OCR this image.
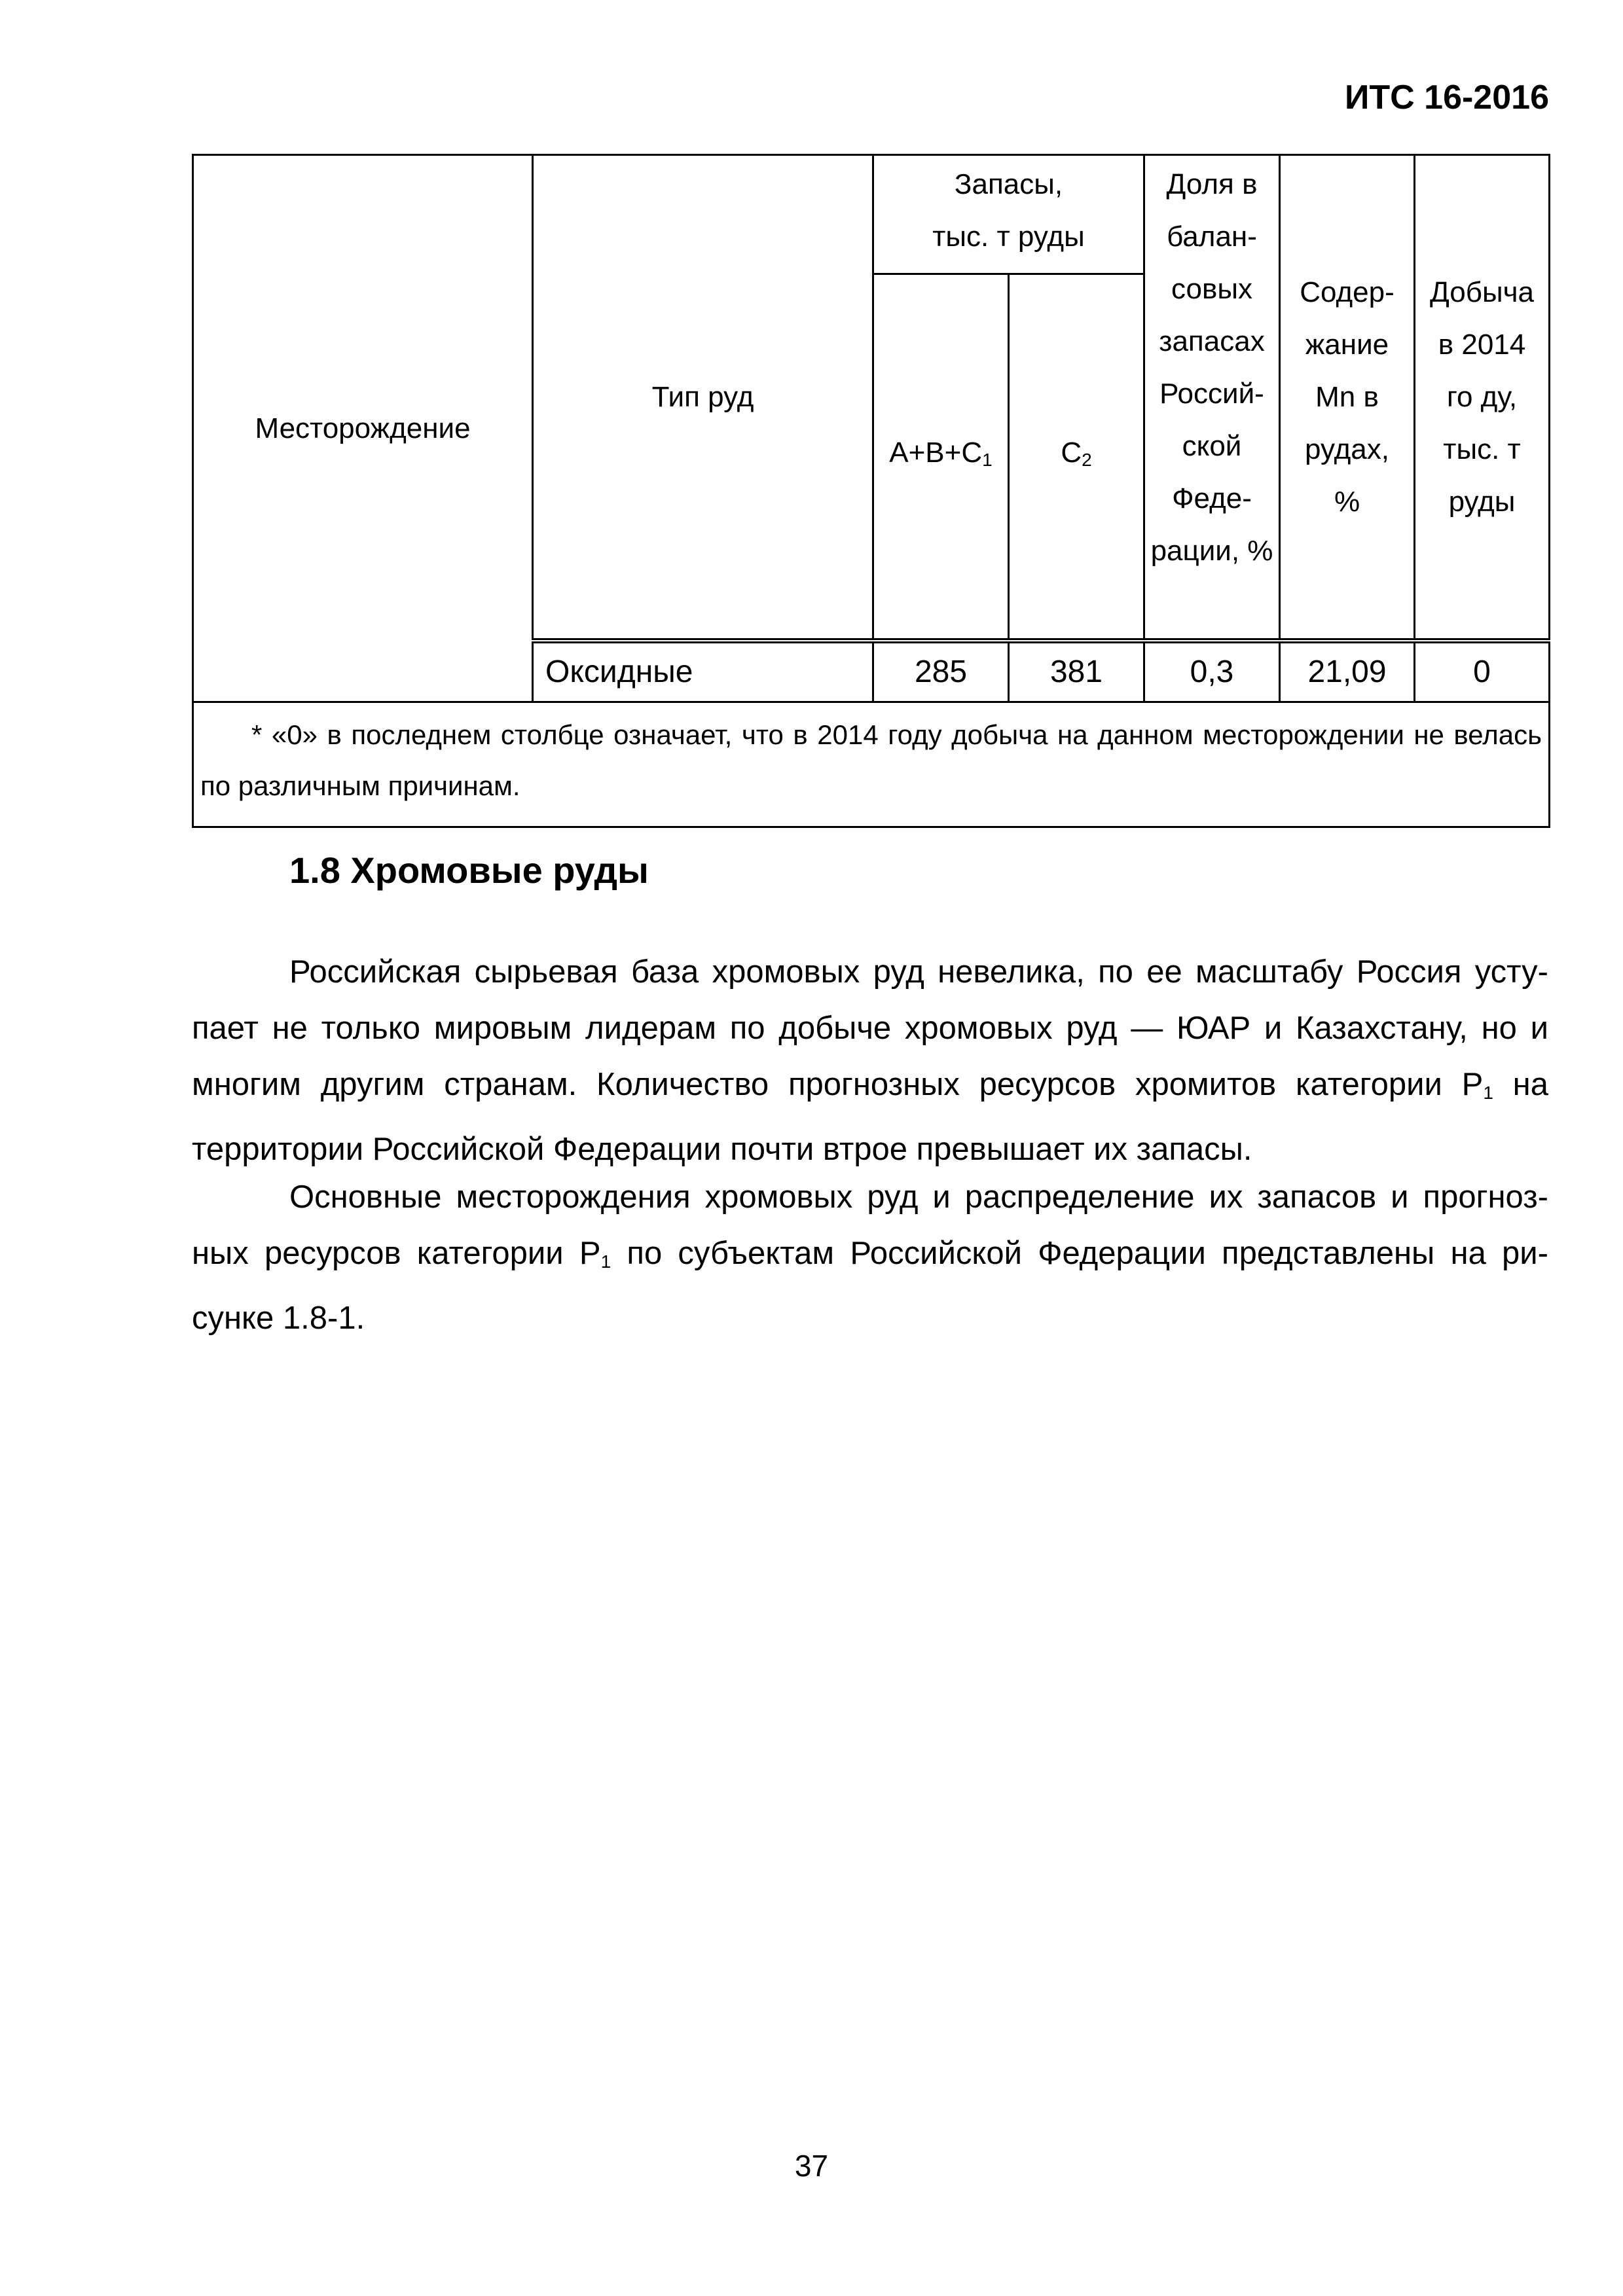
ИТС 16-2016
Месторождение	Тип руд	Запасы, тыс. т руды		Доля в балан-совых запасах Россий-ской Феде-рации, %	Содер-жание Mn в рудах, %	Добыча в 2014 го ду, тыс. т руды

		$А+В+С_1$	$С_2$
	Оксидные	285	381	0,3	21,09	0

* «0» в последнем столбце означает, что в 2014 году добыча на данном месторождении не велась по различным причинам.						
1.8 Хромовые руды

Российская сырьевая база хромовых руд невелика, по ее масштабу Россия усту-пает не только мировым лидерам по добыче хромовых руд — ЮАР и Казахстану, но и многим другим странам. Количество прогнозных ресурсов хромитов категории $Р_1$ на территории Российской Федерации почти втрое превышает их запасы.

Основные месторождения хромовых руд и распределение их запасов и прогноз-ных ресурсов категории $Р_1$ по субъектам Российской Федерации представлены на ри-сунке 1.8-1.

37
